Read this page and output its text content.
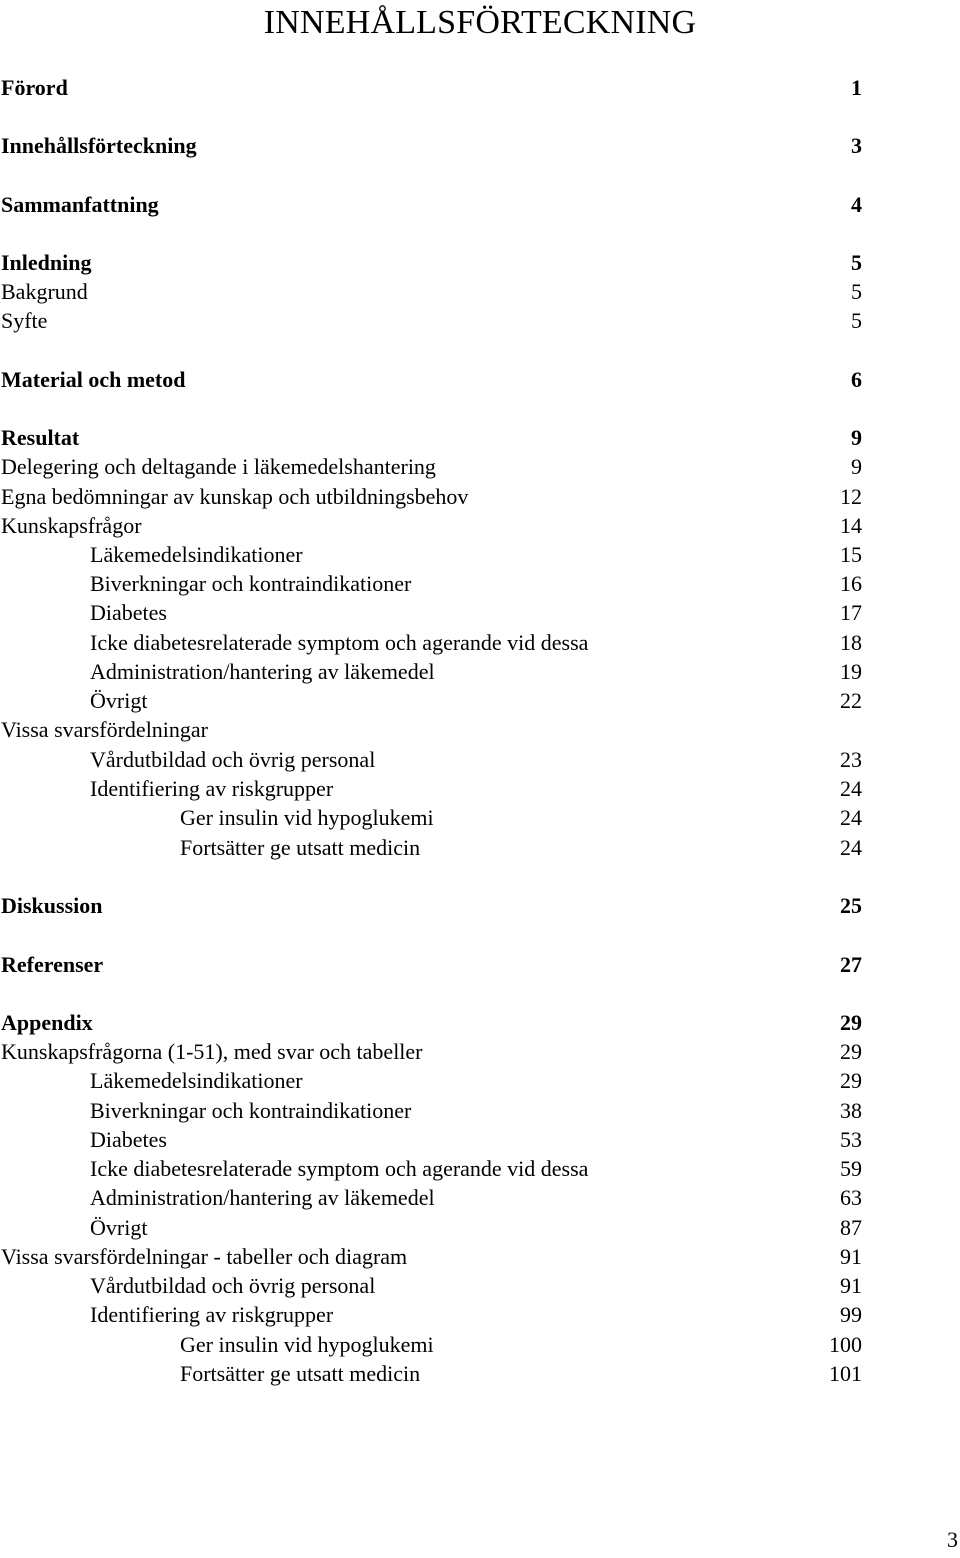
INNEHÅLLSFÖRTECKNING
Förord	1
Innehållsförteckning	3
Sammanfattning	4
Inledning	5
Bakgrund	5
Syfte	5
Material och metod	6
Resultat	9
Delegering och deltagande i läkemedelshantering	9
Egna bedömningar av kunskap och utbildningsbehov	12
Kunskapsfrågor	14
Läkemedelsindikationer	15
Biverkningar och kontraindikationer	16
Diabetes	17
Icke diabetesrelaterade symptom och agerande vid dessa	18
Administration/hantering av läkemedel	19
Övrigt	22
Vissa svarsfördelningar
Vårdutbildad och övrig personal	23
Identifiering av riskgrupper	24
Ger insulin vid hypoglukemi	24
Fortsätter ge utsatt medicin	24
Diskussion	25
Referenser	27
Appendix	29
Kunskapsfrågorna (1-51), med svar och tabeller	29
Läkemedelsindikationer	29
Biverkningar och kontraindikationer	38
Diabetes	53
Icke diabetesrelaterade symptom och agerande vid dessa	59
Administration/hantering av läkemedel	63
Övrigt	87
Vissa svarsfördelningar - tabeller och diagram	91
Vårdutbildad och övrig personal	91
Identifiering av riskgrupper	99
Ger insulin vid hypoglukemi	100
Fortsätter ge utsatt medicin	101
3
